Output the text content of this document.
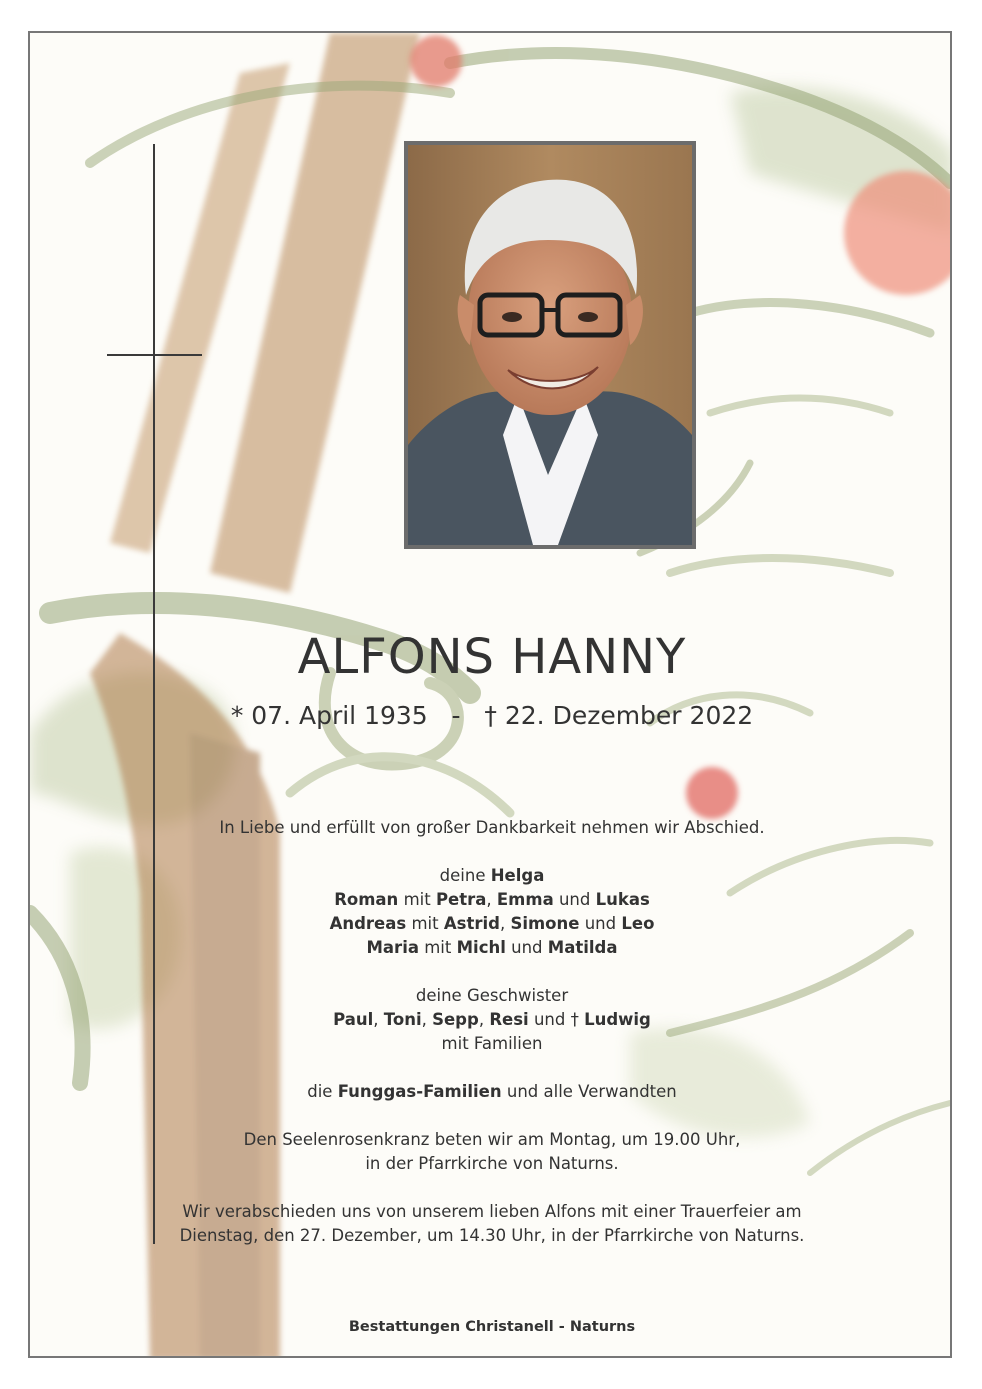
ALFONS HANNY
* 07. April 1935 - † 22. Dezember 2022
In Liebe und erfüllt von großer Dankbarkeit nehmen wir Abschied.
deine Helga
Roman mit Petra, Emma und Lukas
Andreas mit Astrid, Simone und Leo
Maria mit Michl und Matilda
deine Geschwister
Paul, Toni, Sepp, Resi und † Ludwig
mit Familien
die Funggas-Familien und alle Verwandten
Den Seelenrosenkranz beten wir am Montag, um 19.00 Uhr,
in der Pfarrkirche von Naturns.
Wir verabschieden uns von unserem lieben Alfons mit einer Trauerfeier am
Dienstag, den 27. Dezember, um 14.30 Uhr, in der Pfarrkirche von Naturns.
Bestattungen Christanell - Naturns
